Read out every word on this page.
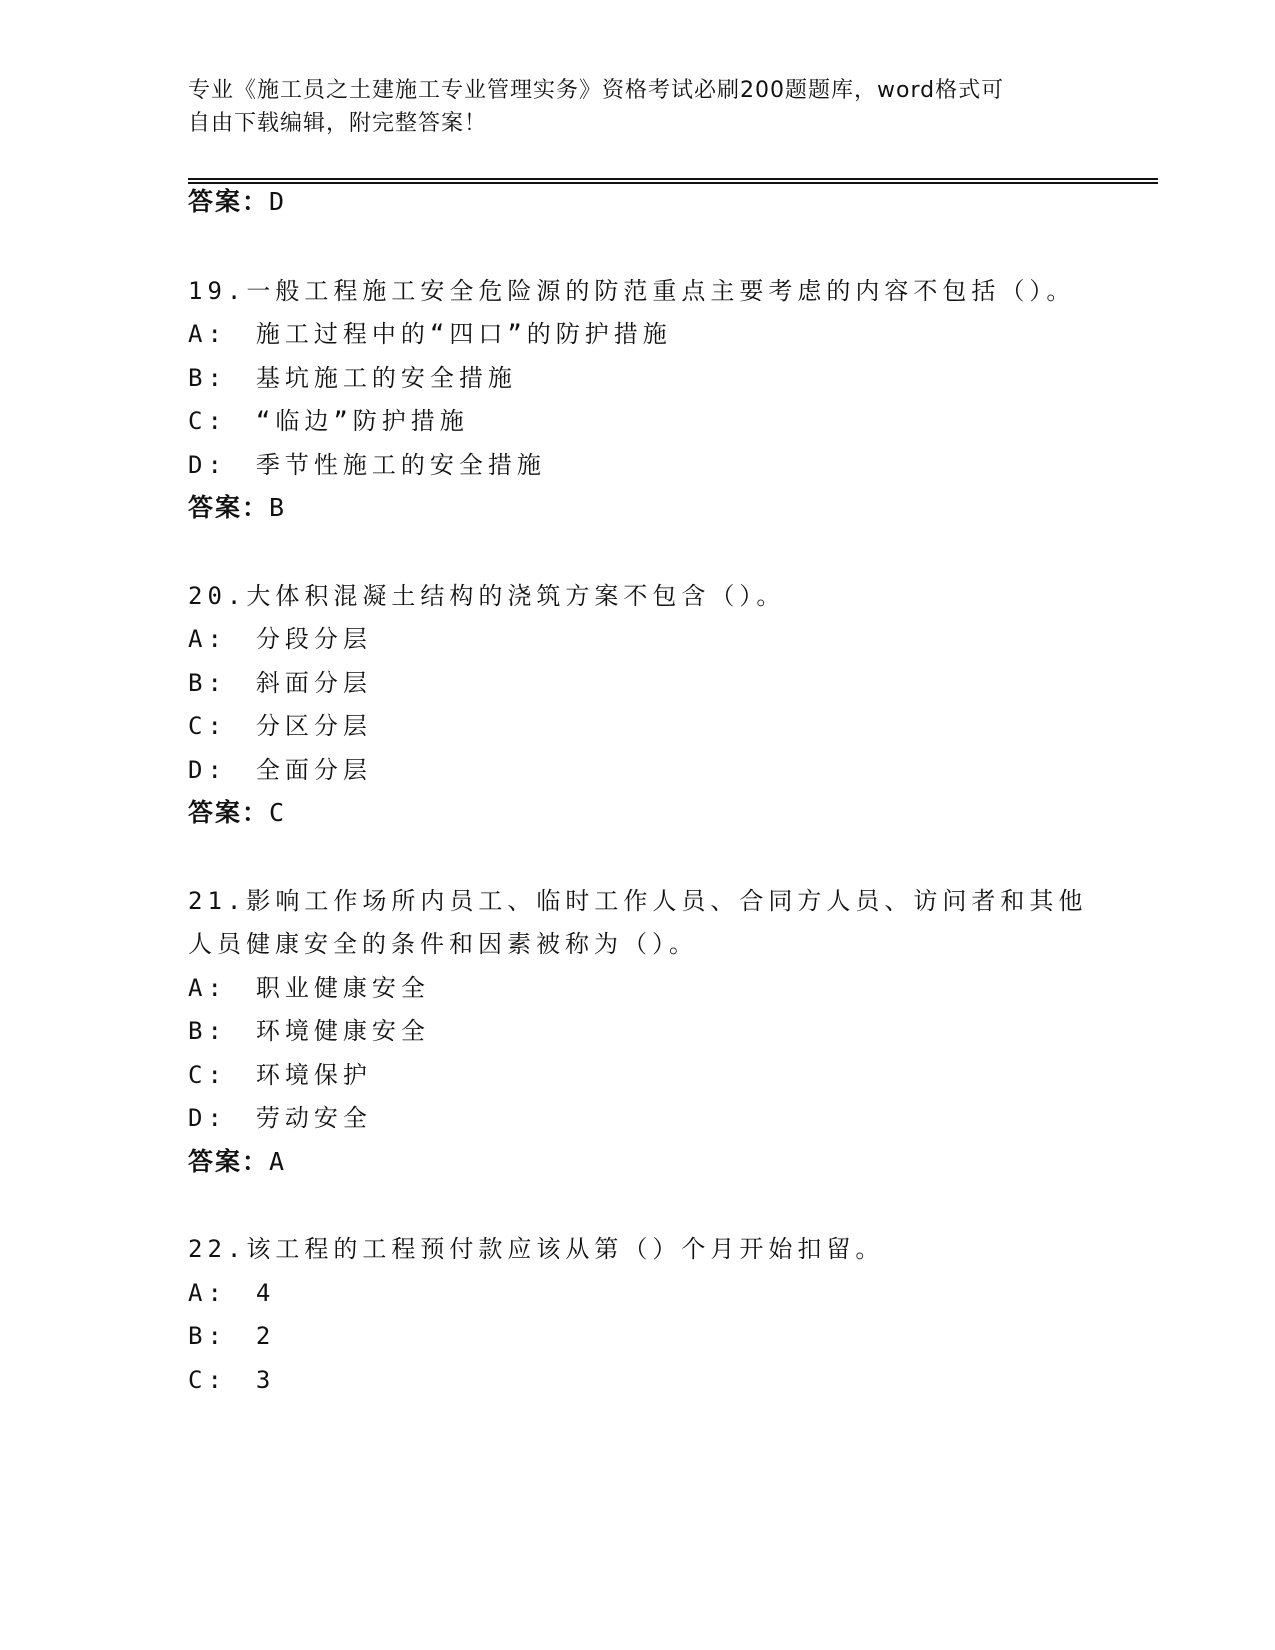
专业《施工员之土建施工专业管理实务》资格考试必刷200题题库，word格式可
自由下载编辑，附完整答案！
答案：D
19.一般工程施工安全危险源的防范重点主要考虑的内容不包括（）。
A:　施工过程中的“四口”的防护措施
B:　基坑施工的安全措施
C:　“临边”防护措施
D:　季节性施工的安全措施
答案：B
20.大体积混凝土结构的浇筑方案不包含（）。
A:　分段分层
B:　斜面分层
C:　分区分层
D:　全面分层
答案：C
21.影响工作场所内员工、临时工作人员、合同方人员、访问者和其他
人员健康安全的条件和因素被称为（）。
A:　职业健康安全
B:　环境健康安全
C:　环境保护
D:　劳动安全
答案：A
22.该工程的工程预付款应该从第（）个月开始扣留。
A:　4
B:　2
C:　3
